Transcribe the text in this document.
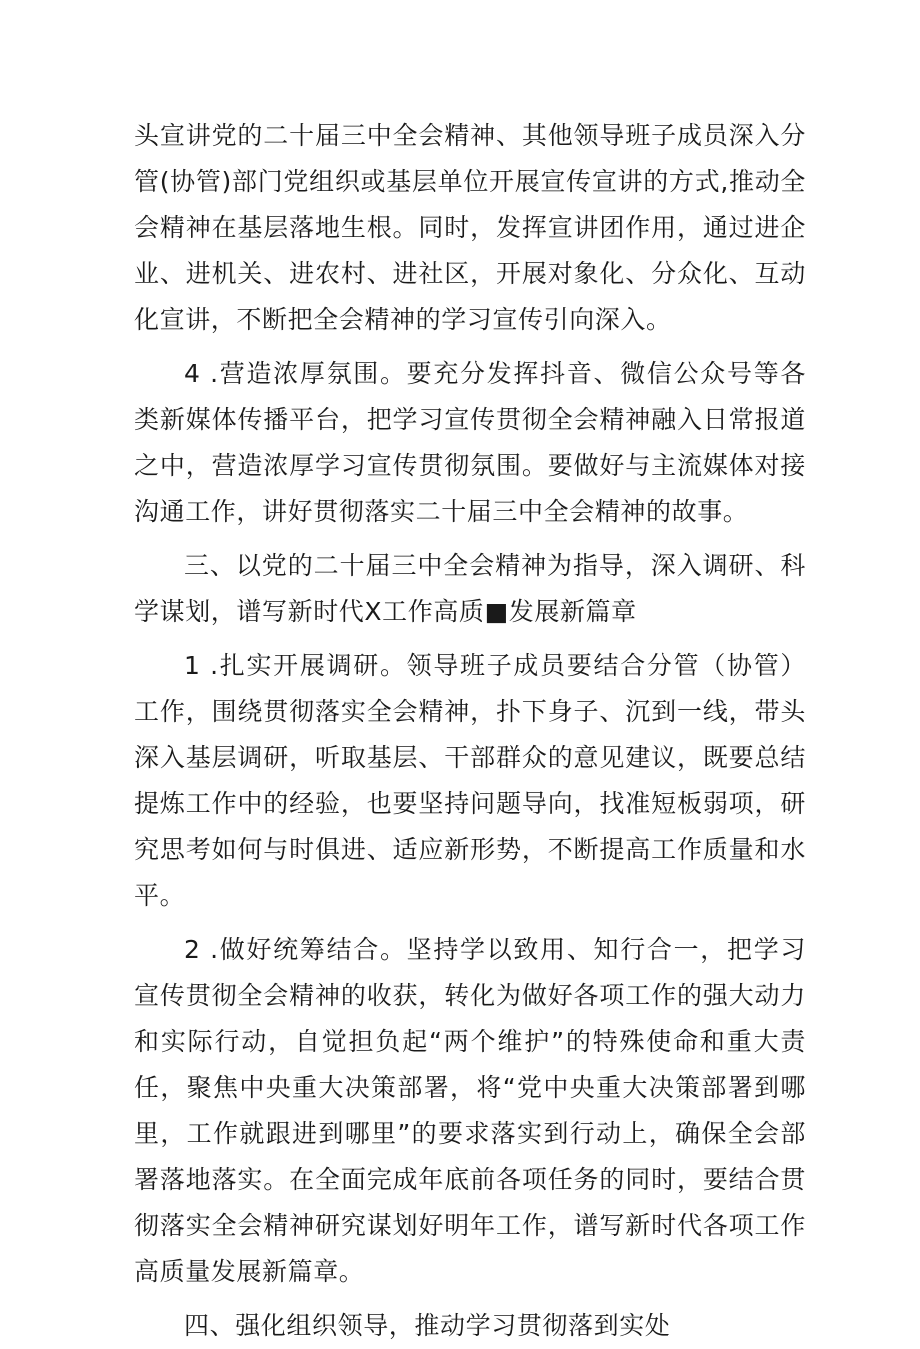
头宣讲党的二十届三中全会精神、其他领导班子成员深入分管(协管)部门党组织或基层单位开展宣传宣讲的方式,推动全会精神在基层落地生根。同时，发挥宣讲团作用，通过进企业、进机关、进农村、进社区，开展对象化、分众化、互动化宣讲，不断把全会精神的学习宣传引向深入。

4 .营造浓厚氛围。要充分发挥抖音、微信公众号等各类新媒体传播平台，把学习宣传贯彻全会精神融入日常报道之中，营造浓厚学习宣传贯彻氛围。要做好与主流媒体对接沟通工作，讲好贯彻落实二十届三中全会精神的故事。

三、以党的二十届三中全会精神为指导，深入调研、科学谋划，谱写新时代X工作高质■发展新篇章

1 .扎实开展调研。领导班子成员要结合分管（协管）工作，围绕贯彻落实全会精神，扑下身子、沉到一线，带头深入基层调研，听取基层、干部群众的意见建议，既要总结提炼工作中的经验，也要坚持问题导向，找准短板弱项，研究思考如何与时俱进、适应新形势，不断提高工作质量和水平。

2 .做好统筹结合。坚持学以致用、知行合一，把学习宣传贯彻全会精神的收获，转化为做好各项工作的强大动力和实际行动，自觉担负起“两个维护”的特殊使命和重大责任，聚焦中央重大决策部署，将“党中央重大决策部署到哪里，工作就跟进到哪里”的要求落实到行动上，确保全会部署落地落实。在全面完成年底前各项任务的同时，要结合贯彻落实全会精神研究谋划好明年工作，谱写新时代各项工作高质量发展新篇章。

四、强化组织领导，推动学习贯彻落到实处
